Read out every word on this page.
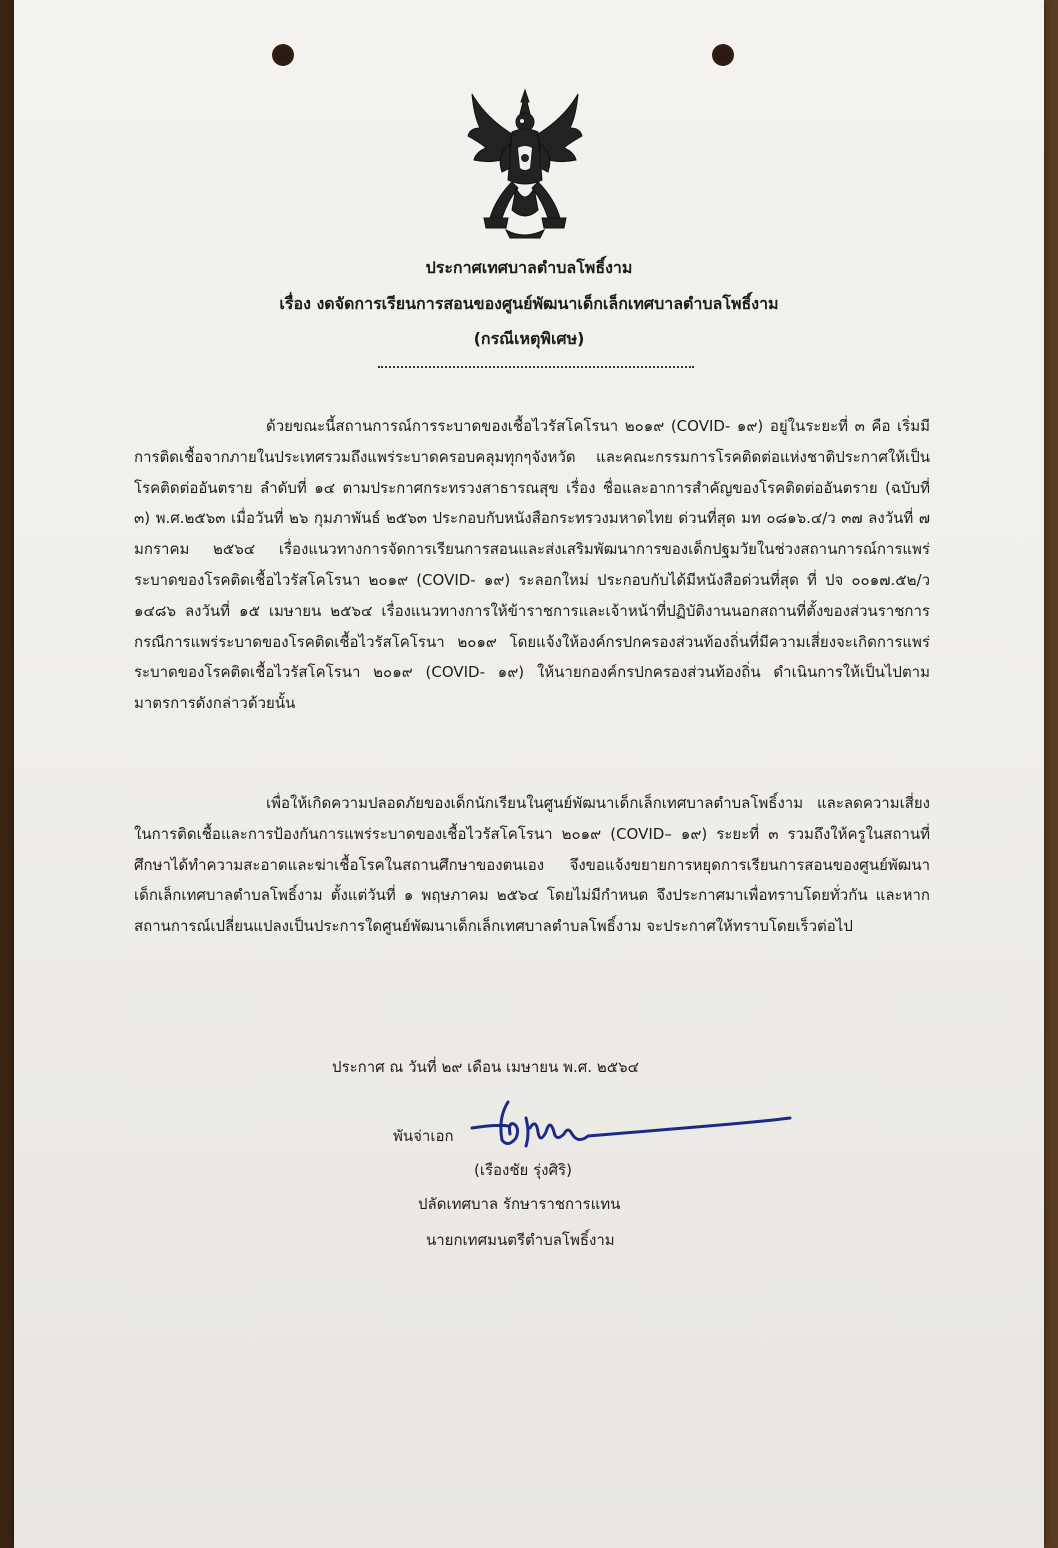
ประกาศเทศบาลตำบลโพธิ์งาม
เรื่อง งดจัดการเรียนการสอนของศูนย์พัฒนาเด็กเล็กเทศบาลตำบลโพธิ์งาม
(กรณีเหตุพิเศษ)

ด้วยขณะนี้สถานการณ์การระบาดของเชื้อไวรัสโคโรนา ๒๐๑๙ (COVID- ๑๙) อยู่ในระยะที่ ๓ คือ เริ่มมีการติดเชื้อจากภายในประเทศรวมถึงแพร่ระบาดครอบคลุมทุกๆจังหวัด และคณะกรรมการโรคติดต่อแห่งชาติประกาศให้เป็นโรคติดต่ออันตราย ลำดับที่ ๑๔ ตามประกาศกระทรวงสาธารณสุข เรื่อง ชื่อและอาการสำคัญของโรคติดต่ออันตราย (ฉบับที่ ๓) พ.ศ.๒๕๖๓ เมื่อวันที่ ๒๖ กุมภาพันธ์ ๒๕๖๓ ประกอบกับหนังสือกระทรวงมหาดไทย ด่วนที่สุด มท ๐๘๑๖.๔/ว ๓๗ ลงวันที่ ๗ มกราคม ๒๕๖๔ เรื่องแนวทางการจัดการเรียนการสอนและส่งเสริมพัฒนาการของเด็กปฐมวัยในช่วงสถานการณ์การแพร่ระบาดของโรคติดเชื้อไวรัสโคโรนา ๒๐๑๙ (COVID- ๑๙) ระลอกใหม่ ประกอบกับได้มีหนังสือด่วนที่สุด ที่ ปจ ๐๐๑๗.๕๒/ว ๑๔๘๖ ลงวันที่ ๑๕ เมษายน ๒๕๖๔ เรื่องแนวทางการให้ข้าราชการและเจ้าหน้าที่ปฏิบัติงานนอกสถานที่ตั้งของส่วนราชการ กรณีการแพร่ระบาดของโรคติดเชื้อไวรัสโคโรนา ๒๐๑๙ โดยแจ้งให้องค์กรปกครองส่วนท้องถิ่นที่มีความเสี่ยงจะเกิดการแพร่ระบาดของโรคติดเชื้อไวรัสโคโรนา ๒๐๑๙ (COVID- ๑๙) ให้นายกองค์กรปกครองส่วนท้องถิ่น ดำเนินการให้เป็นไปตามมาตรการดังกล่าวด้วยนั้น

เพื่อให้เกิดความปลอดภัยของเด็กนักเรียนในศูนย์พัฒนาเด็กเล็กเทศบาลตำบลโพธิ์งาม และลดความเสี่ยงในการติดเชื้อและการป้องกันการแพร่ระบาดของเชื้อไวรัสโคโรนา ๒๐๑๙ (COVID– ๑๙) ระยะที่ ๓ รวมถึงให้ครูในสถานที่ศึกษาได้ทำความสะอาดและฆ่าเชื้อโรคในสถานศึกษาของตนเอง จึงขอแจ้งขยายการหยุดการเรียนการสอนของศูนย์พัฒนาเด็กเล็กเทศบาลตำบลโพธิ์งาม ตั้งแต่วันที่ ๑ พฤษภาคม ๒๕๖๔ โดยไม่มีกำหนด จึงประกาศมาเพื่อทราบโดยทั่วกัน และหากสถานการณ์เปลี่ยนแปลงเป็นประการใดศูนย์พัฒนาเด็กเล็กเทศบาลตำบลโพธิ์งาม จะประกาศให้ทราบโดยเร็วต่อไป

ประกาศ ณ วันที่ ๒๙ เดือน เมษายน พ.ศ. ๒๕๖๔
พันจ่าเอก
(เรืองชัย รุ่งศิริ)
ปลัดเทศบาล รักษาราชการแทน
นายกเทศมนตรีตำบลโพธิ์งาม
